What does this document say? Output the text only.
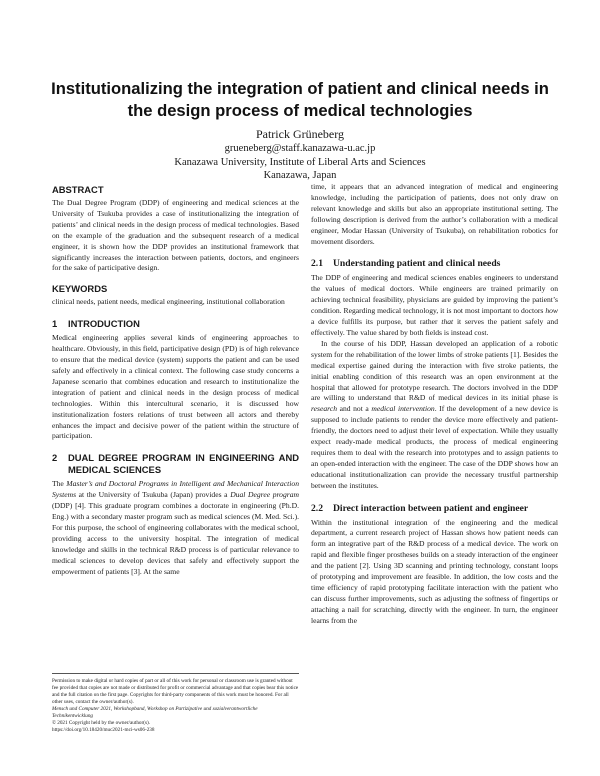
Institutionalizing the integration of patient and clinical needs in the design process of medical technologies
Patrick Grüneberg
grueneberg@staff.kanazawa-u.ac.jp
Kanazawa University, Institute of Liberal Arts and Sciences
Kanazawa, Japan
ABSTRACT

The Dual Degree Program (DDP) of engineering and medical sciences at the University of Tsukuba provides a case of institutionalizing the integration of patients’ and clinical needs in the design process of medical technologies. Based on the example of the graduation and the subsequent research of a medical engineer, it is shown how the DDP provides an institutional framework that significantly increases the interaction between patients, doctors, and engineers for the sake of participative design.

KEYWORDS

clinical needs, patient needs, medical engineering, institutional collaboration

1 INTRODUCTION

Medical engineering applies several kinds of engineering approaches to healthcare. Obviously, in this field, participative design (PD) is of high relevance to ensure that the medical device (system) supports the patient and can be used safely and effectively in a clinical context. The following case study concerns a Japanese scenario that combines education and research to institutionalize the integration of patient and clinical needs in the design process of medical technologies. Within this intercultural scenario, it is discussed how institutionalization fosters relations of trust between all actors and thereby enhances the impact and decisive power of the patient within the structure of participation.

2	DUAL DEGREE PROGRAM IN ENGINEERING AND MEDICAL SCIENCES

The Master’s and Doctoral Programs in Intelligent and Mechanical Interaction Systems at the University of Tsukuba (Japan) provides a Dual Degree program (DDP) [4]. This graduate program combines a doctorate in engineering (Ph.D. Eng.) with a secondary master program such as medical sciences (M. Med. Sci.). For this purpose, the school of engineering collaborates with the medical school, providing access to the university hospital. The integration of medical knowledge and skills in the technical R&D process is of particular relevance to medical sciences to develop devices that safely and effectively support the empowerment of patients [3]. At the same

time, it appears that an advanced integration of medical and engineering knowledge, including the participation of patients, does not only draw on relevant knowledge and skills but also an appropriate institutional setting. The following description is derived from the author’s collaboration with a medical engineer, Modar Hassan (University of Tsukuba), on rehabilitation robotics for movement disorders.

2.1 Understanding patient and clinical needs

The DDP of engineering and medical sciences enables engineers to understand the values of medical doctors. While engineers are trained primarily on achieving technical feasibility, physicians are guided by improving the patient’s condition. Regarding medical technology, it is not most important to doctors how a device fulfills its purpose, but rather that it serves the patient safely and effectively. The value shared by both fields is instead cost.

In the course of his DDP, Hassan developed an application of a robotic system for the rehabilitation of the lower limbs of stroke patients [1]. Besides the medical expertise gained during the interaction with five stroke patients, the initial enabling condition of this research was an open environment at the hospital that allowed for prototype research. The doctors involved in the DDP are willing to understand that R&D of medical devices in its initial phase is research and not a medical intervention. If the development of a new device is supposed to include patients to render the device more effectively and patient-friendly, the doctors need to adjust their level of expectation. While they usually expect ready-made medical products, the process of medical engineering requires them to deal with the research into prototypes and to assign patients to an open-ended interaction with the engineer. The case of the DDP shows how an educational institutionalization can provide the necessary trustful partnership between the institutes.

2.2	Direct interaction between patient and engineer

Within the institutional integration of the engineering and the medical department, a current research project of Hassan shows how patient needs can form an integrative part of the R&D process of a medical device. The work on rapid and flexible finger prostheses builds on a steady interaction of the engineer and the patient [2]. Using 3D scanning and printing technology, constant loops of prototyping and improvement are feasible. In addition, the low costs and the time efficiency of rapid prototyping facilitate interaction with the patient who can discuss further improvements, such as adjusting the softness of fingertips or attaching a nail for scratching, directly with the engineer. In turn, the engineer learns from the

Permission to make digital or hard copies of part or all of this work for personal or classroom use is granted without fee provided that copies are not made or distributed for profit or commercial advantage and that copies bear this notice and the full citation on the first page. Copyrights for third-party components of this work must be honored. For all other uses, contact the owner/author(s).

Mensch und Computer 2021, Workshopband, Workshop on Partizipative und sozialverantwortliche Technikentwicklung

© 2021 Copyright held by the owner/author(s).

https://doi.org/10.18420/muc2021-mci-ws06-238
